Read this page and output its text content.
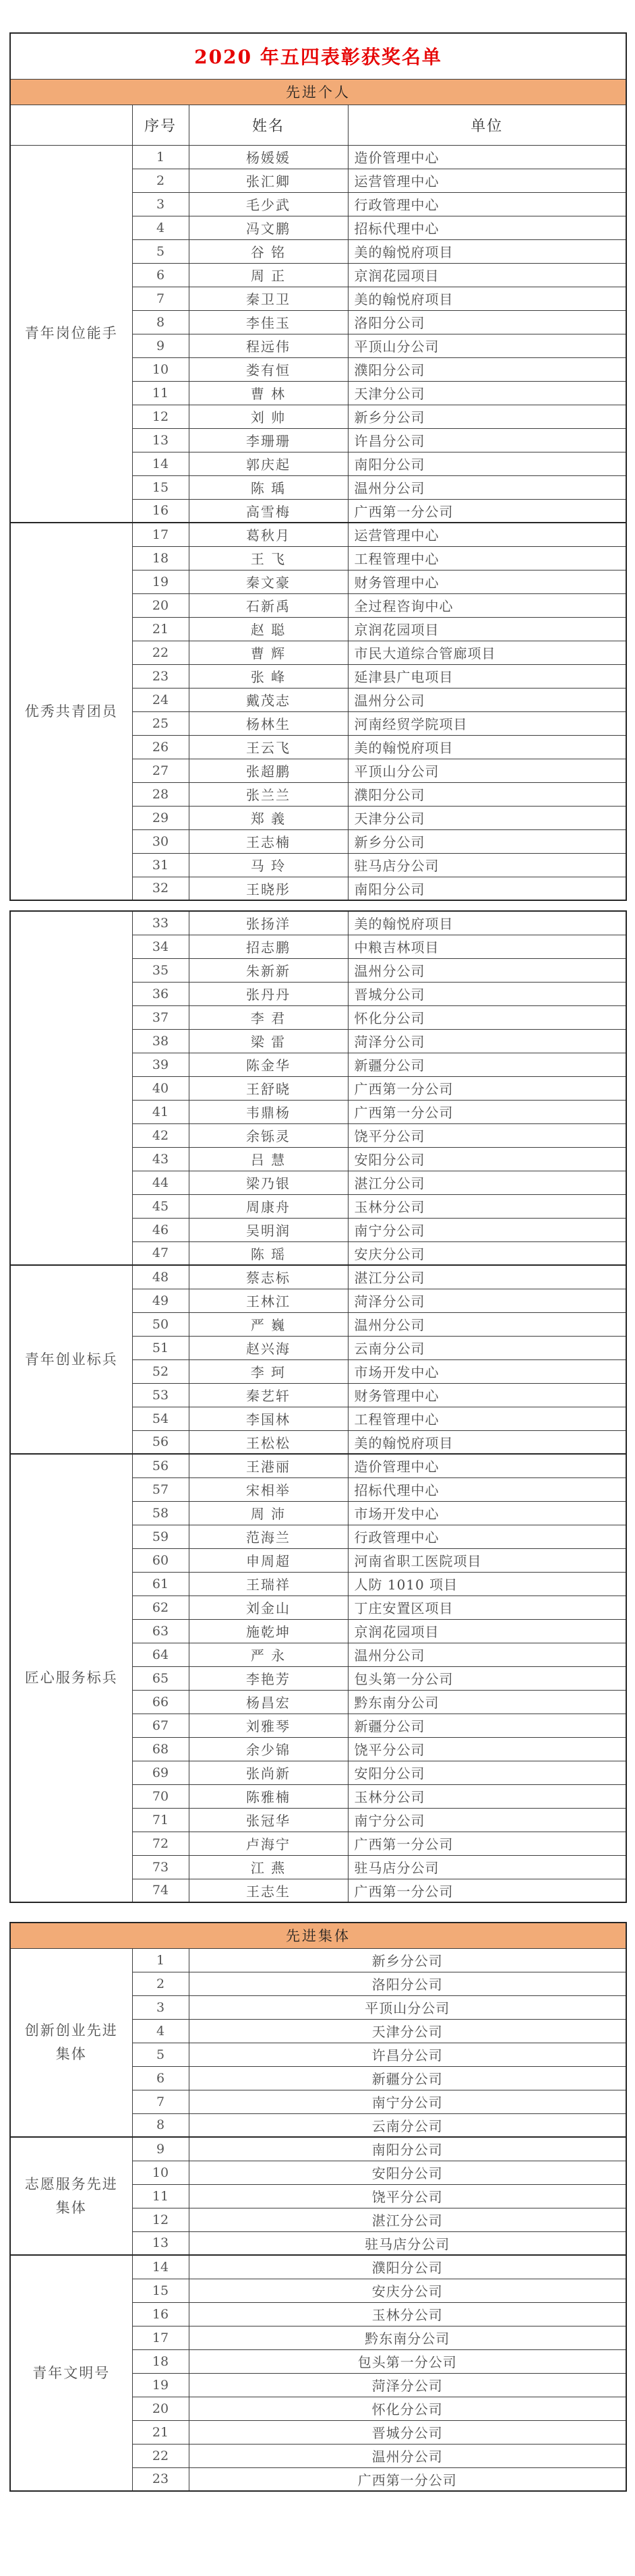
2020 年五四表彰获奖名单			
先进个人			
	序号	姓名	单位
青年岗位能手	1	杨媛媛	造价管理中心
	2	张汇卿	运营管理中心
	3	毛少武	行政管理中心
	4	冯文鹏	招标代理中心
	5	谷 铭	美的翰悦府项目
	6	周 正	京润花园项目
	7	秦卫卫	美的翰悦府项目
	8	李佳玉	洛阳分公司
	9	程远伟	平顶山分公司
	10	娄有恒	濮阳分公司
	11	曹 林	天津分公司
	12	刘 帅	新乡分公司
	13	李珊珊	许昌分公司
	14	郭庆起	南阳分公司
	15	陈 瑀	温州分公司
	16	高雪梅	广西第一分公司
优秀共青团员	17	葛秋月	运营管理中心
	18	王 飞	工程管理中心
	19	秦文豪	财务管理中心
	20	石新禹	全过程咨询中心
	21	赵 聪	京润花园项目
	22	曹 辉	市民大道综合管廊项目
	23	张 峰	延津县广电项目
	24	戴茂志	温州分公司
	25	杨林生	河南经贸学院项目
	26	王云飞	美的翰悦府项目
	27	张超鹏	平顶山分公司
	28	张兰兰	濮阳分公司
	29	郑 義	天津分公司
	30	王志楠	新乡分公司
	31	马 玲	驻马店分公司
	32	王晓彤	南阳分公司
	33	张扬洋	美的翰悦府项目
	34	招志鹏	中粮吉林项目
	35	朱新新	温州分公司
	36	张丹丹	晋城分公司
	37	李 君	怀化分公司
	38	梁 雷	菏泽分公司
	39	陈金华	新疆分公司
	40	王舒晓	广西第一分公司
	41	韦鼎杨	广西第一分公司
	42	余铄灵	饶平分公司
	43	吕 慧	安阳分公司
	44	梁乃银	湛江分公司
	45	周康舟	玉林分公司
	46	吴明润	南宁分公司
	47	陈 瑶	安庆分公司
青年创业标兵	48	蔡志标	湛江分公司
	49	王林江	菏泽分公司
	50	严 巍	温州分公司
	51	赵兴海	云南分公司
	52	李 珂	市场开发中心
	53	秦艺轩	财务管理中心
	54	李国林	工程管理中心
	56	王松松	美的翰悦府项目
匠心服务标兵	56	王港丽	造价管理中心
	57	宋相举	招标代理中心
	58	周 沛	市场开发中心
	59	范海兰	行政管理中心
	60	申周超	河南省职工医院项目
	61	王瑞祥	人防 1010 项目
	62	刘金山	丁庄安置区项目
	63	施乾坤	京润花园项目
	64	严 永	温州分公司
	65	李艳芳	包头第一分公司
	66	杨昌宏	黔东南分公司
	67	刘雅琴	新疆分公司
	68	余少锦	饶平分公司
	69	张尚新	安阳分公司
	70	陈雅楠	玉林分公司
	71	张冠华	南宁分公司
	72	卢海宁	广西第一分公司
	73	江 燕	驻马店分公司
	74	王志生	广西第一分公司
先进集体		
创新创业先进集体	1	新乡分公司
	2	洛阳分公司
	3	平顶山分公司
	4	天津分公司
	5	许昌分公司
	6	新疆分公司
	7	南宁分公司
	8	云南分公司
志愿服务先进集体	9	南阳分公司
	10	安阳分公司
	11	饶平分公司
	12	湛江分公司
	13	驻马店分公司
青年文明号	14	濮阳分公司
	15	安庆分公司
	16	玉林分公司
	17	黔东南分公司
	18	包头第一分公司
	19	菏泽分公司
	20	怀化分公司
	21	晋城分公司
	22	温州分公司
	23	广西第一分公司
